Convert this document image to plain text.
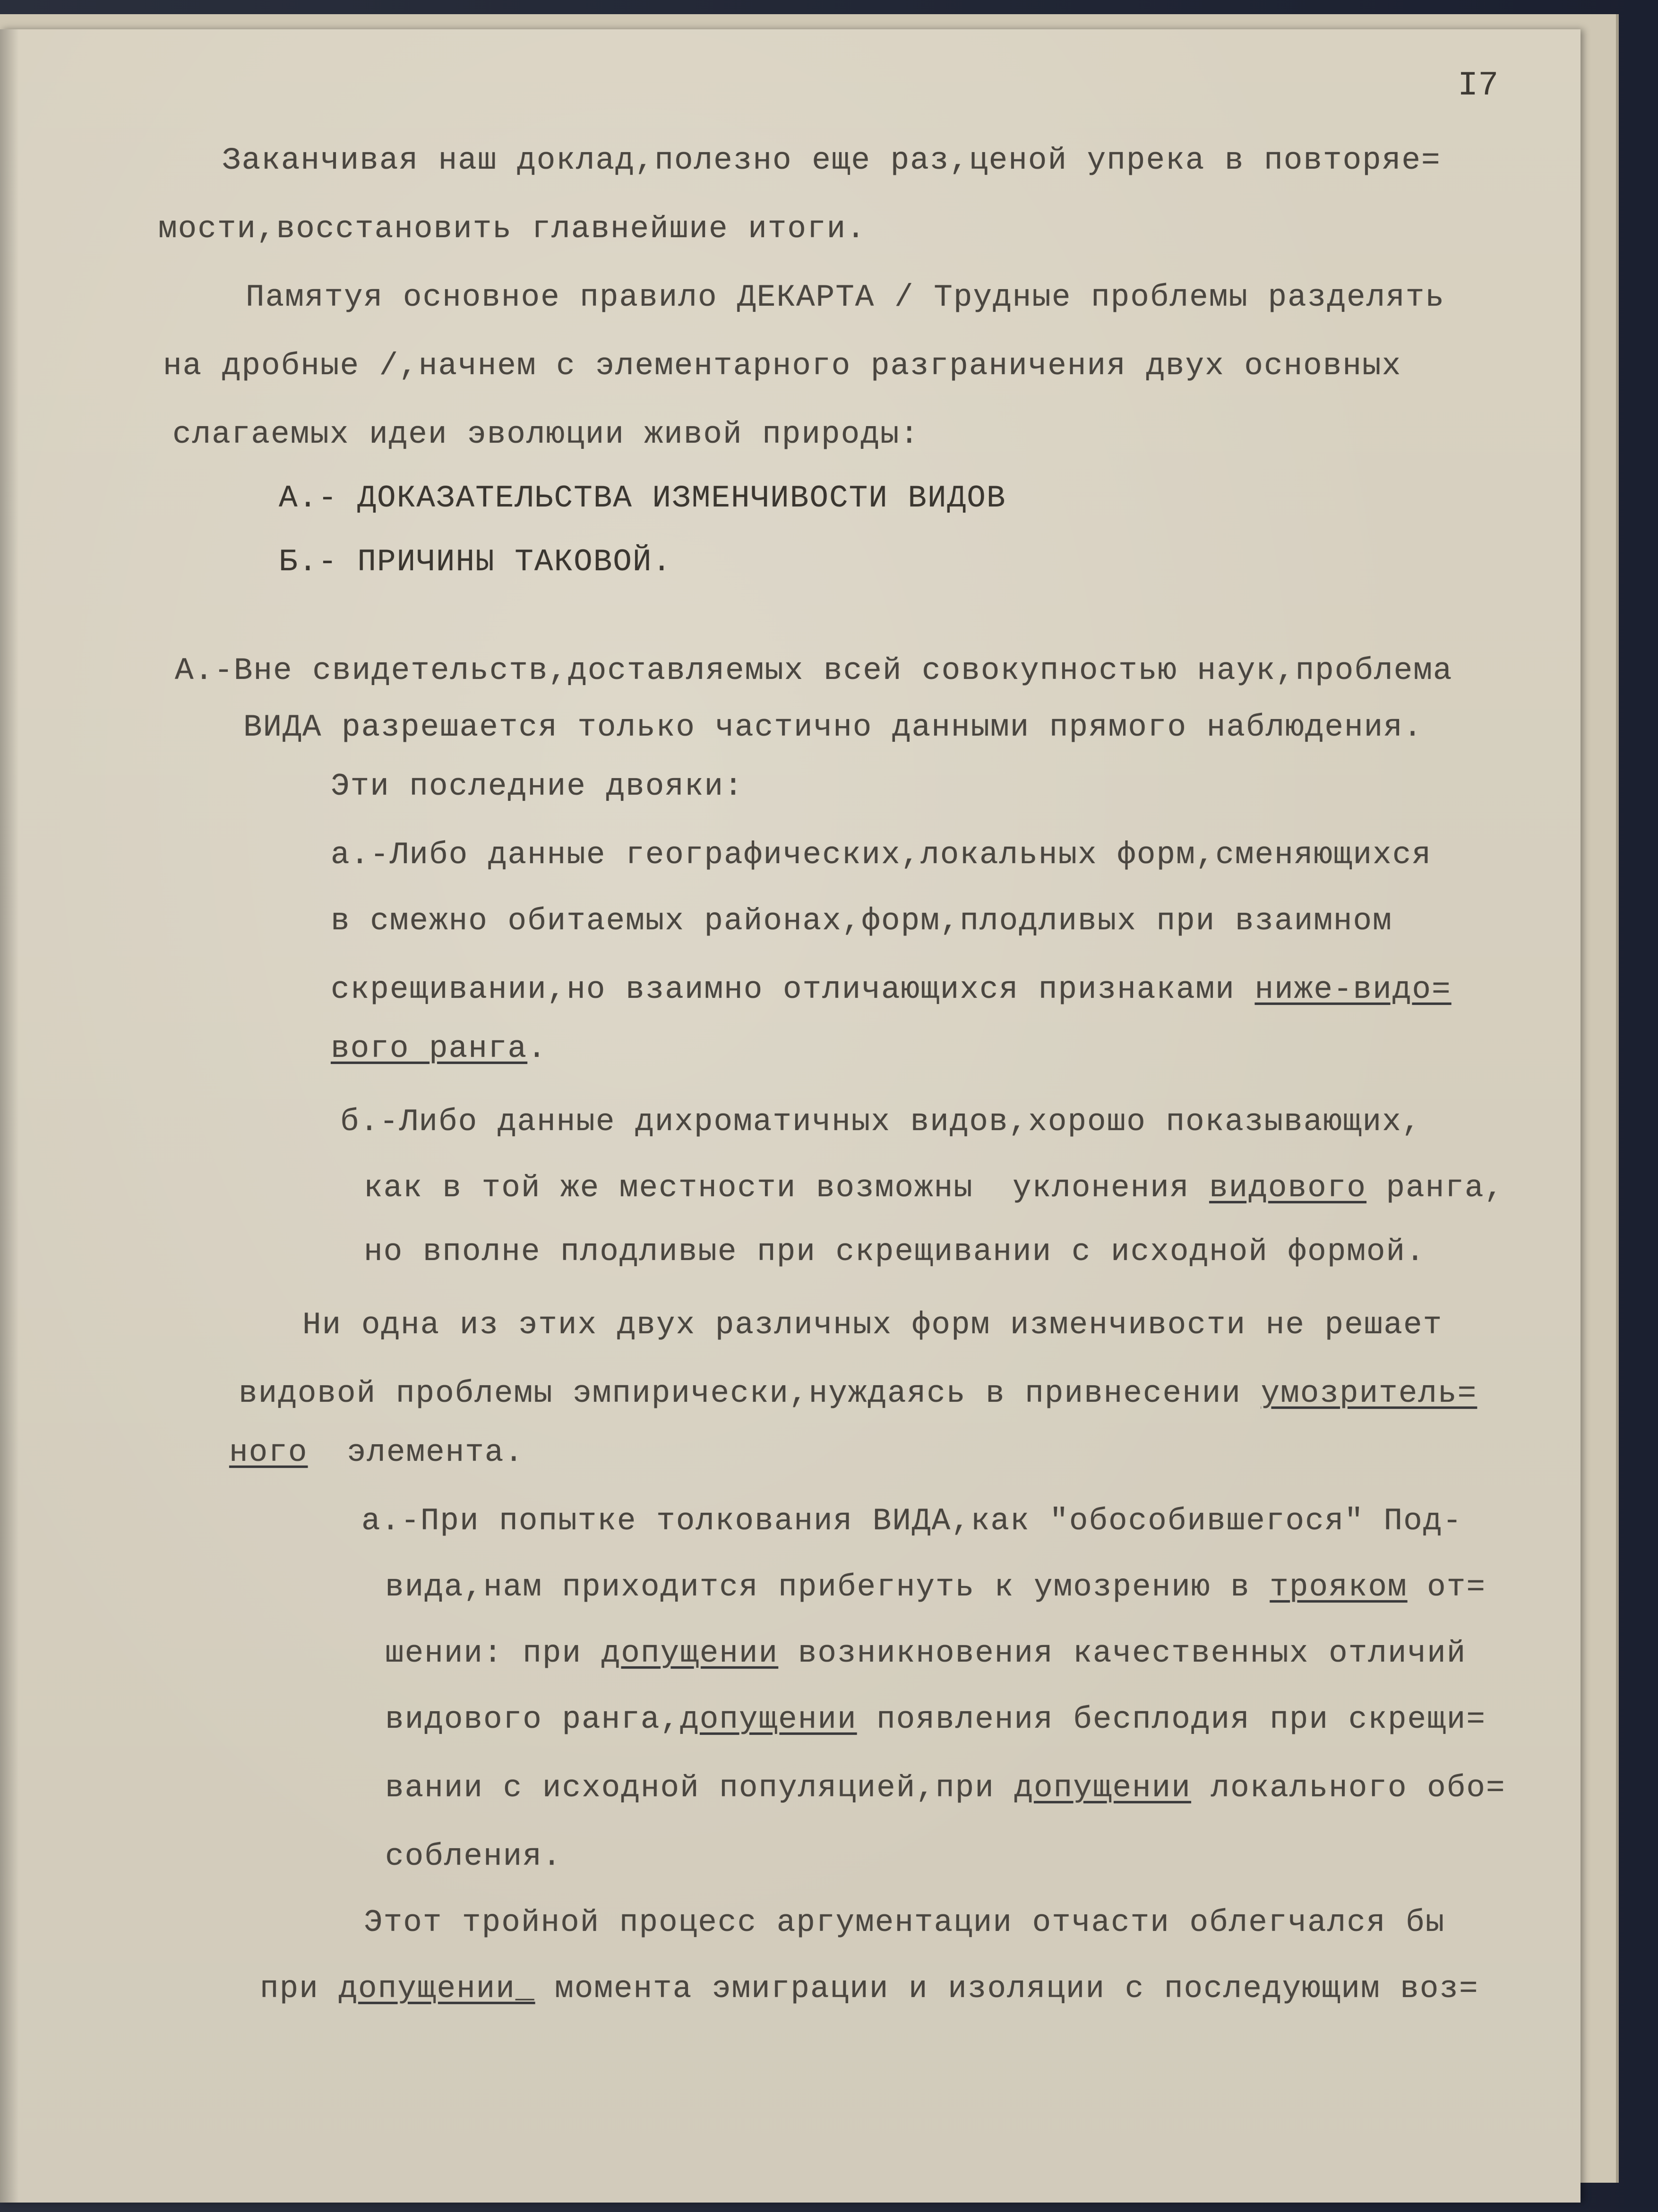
I7

Заканчивая наш доклад,полезно еще раз,ценой упрека в повторяе=

мости,восстановить главнейшие итоги.

Памятуя основное правило ДЕКАРТА / Трудные проблемы разделять

на дробные /,начнем с элементарного разграничения двух основных

слагаемых идеи эволюции живой природы:

А.- ДОКАЗАТЕЛЬСТВА ИЗМЕНЧИВОСТИ ВИДОВ

Б.- ПРИЧИНЫ ТАКОВОЙ.

А.-Вне свидетельств,доставляемых всей совокупностью наук,проблема

ВИДА разрешается только частично данными прямого наблюдения.

Эти последние двояки:

а.-Либо данные географических,локальных форм,сменяющихся

в смежно обитаемых районах,форм,плодливых при взаимном

скрещивании,но взаимно отличающихся признаками ниже-видо=

вого ранга.

б.-Либо данные дихроматичных видов,хорошо показывающих,

как в той же местности возможны  уклонения видового ранга,

но вполне плодливые при скрещивании с исходной формой.

Ни одна из этих двух различных форм изменчивости не решает

видовой проблемы эмпирически,нуждаясь в привнесении умозритель=

ного  элемента.

а.-При попытке толкования ВИДА,как "обособившегося" Под-

вида,нам приходится прибегнуть к умозрению в трояком от=

шении: при допущении возникновения качественных отличий

видового ранга,допущении появления бесплодия при скрещи=

вании с исходной популяцией,при допущении локального обо=

собления.

Этот тройной процесс аргументации отчасти облегчался бы

при допущении_ момента эмиграции и изоляции с последующим воз=
